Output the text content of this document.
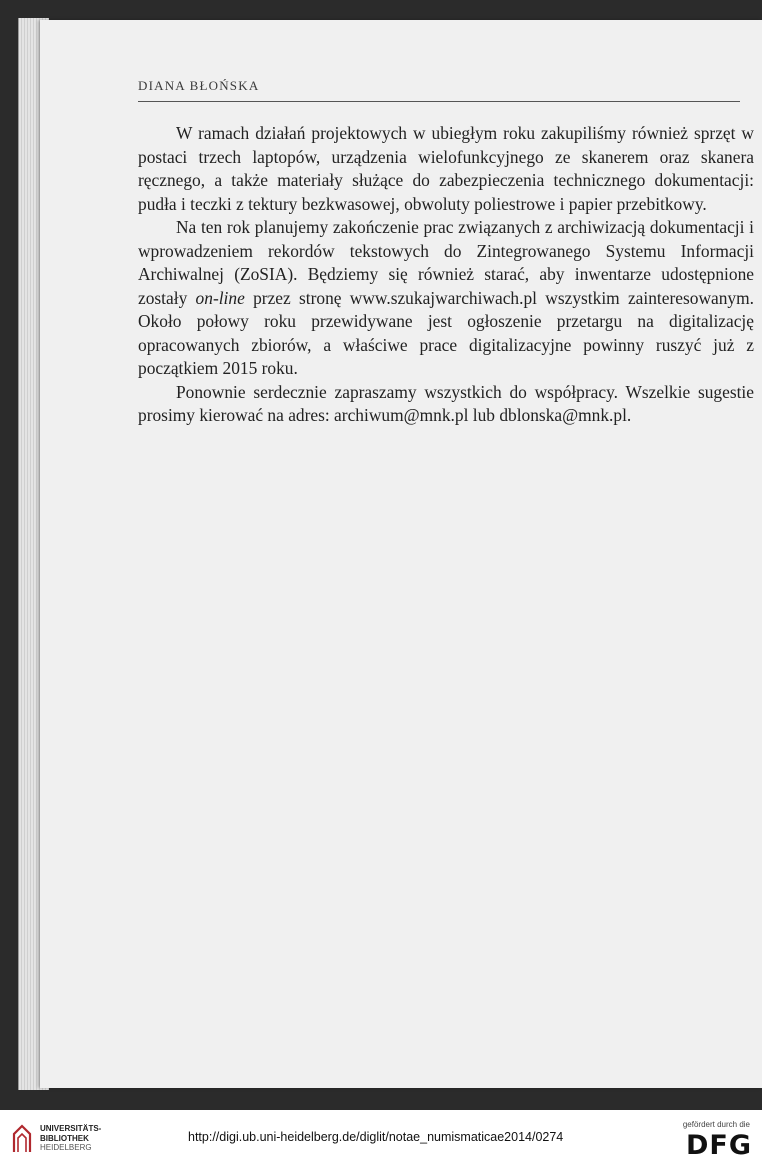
DIANA BŁOŃSKA

W ramach działań projektowych w ubiegłym roku zakupiliśmy również sprzęt w postaci trzech laptopów, urządzenia wielofunkcyjnego ze skanerem oraz skanera ręcznego, a także materiały służące do zabezpieczenia technicznego dokumentacji: pudła i teczki z tektury bezkwasowej, obwoluty poliestrowe i papier przebitkowy.

Na ten rok planujemy zakończenie prac związanych z archiwizacją dokumentacji i wprowadzeniem rekordów tekstowych do Zintegrowanego Systemu Informacji Archiwalnej (ZoSIA). Będziemy się również starać, aby inwentarze udostępnione zostały on-line przez stronę www.szukajwarchiwach.pl wszystkim zainteresowanym. Około połowy roku przewidywane jest ogłoszenie przetargu na digitalizację opracowanych zbiorów, a właściwe prace digitalizacyjne powinny ruszyć już z początkiem 2015 roku.

Ponownie serdecznie zapraszamy wszystkich do współpracy. Wszelkie sugestie prosimy kierować na adres: archiwum@mnk.pl lub dblonska@mnk.pl.

UNIVERSITÄTS-
BIBLIOTHEK
HEIDELBERG
http://digi.ub.uni-heidelberg.de/diglit/notae_numismaticae2014/0274
gefördert durch die
DFG
